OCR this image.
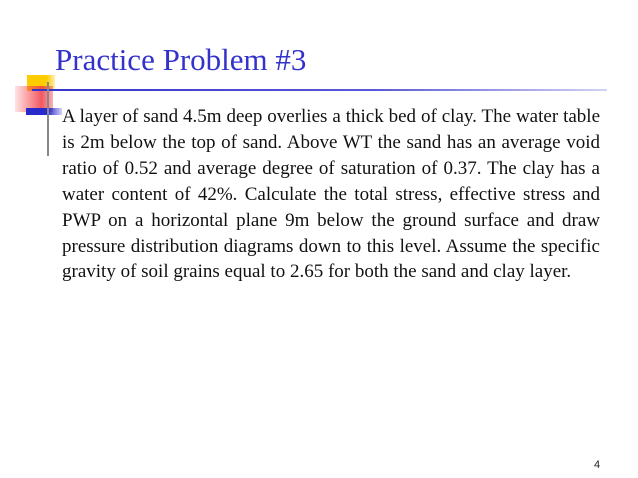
Practice Problem #3
A layer of sand 4.5m deep overlies a thick bed of clay. The water table is 2m below the top of sand. Above WT the sand has an average void ratio of 0.52 and average degree of saturation of 0.37. The clay has a water content of 42%. Calculate the total stress, effective stress and PWP on a horizontal plane 9m below the ground surface and draw pressure distribution diagrams down to this level. Assume the specific gravity of soil grains equal to 2.65 for both the sand and clay layer.
4
